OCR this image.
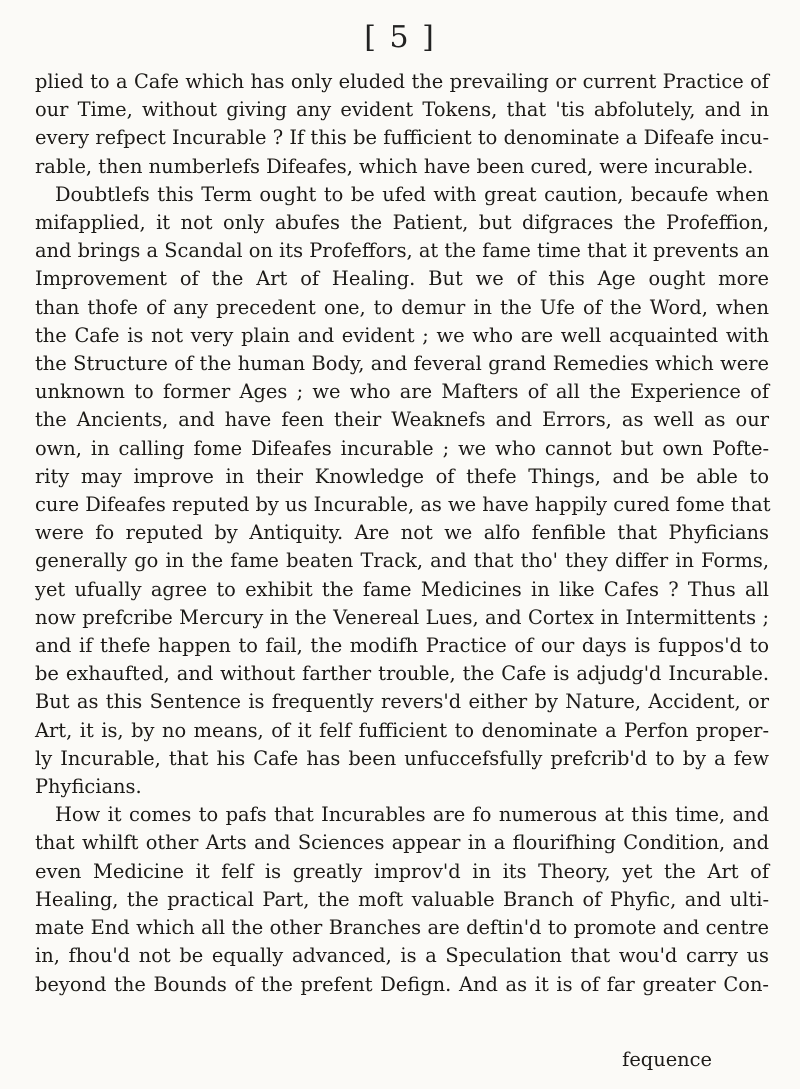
[ 5 ]
plied to a Cafe which has only eluded the prevailing or current Practice of
our Time, without giving any evident Tokens, that 'tis abfolutely, and in
every refpect Incurable ? If this be fufficient to denominate a Difeafe incu-
rable, then numberlefs Difeafes, which have been cured, were incurable.
Doubtlefs this Term ought to be ufed with great caution, becaufe when
mifapplied, it not only abufes the Patient, but difgraces the Profeffion,
and brings a Scandal on its Profeffors, at the fame time that it prevents an
Improvement of the Art of Healing. But we of this Age ought more
than thofe of any precedent one, to demur in the Ufe of the Word, when
the Cafe is not very plain and evident ; we who are well acquainted with
the Structure of the human Body, and feveral grand Remedies which were
unknown to former Ages ; we who are Mafters of all the Experience of
the Ancients, and have feen their Weaknefs and Errors, as well as our
own, in calling fome Difeafes incurable ; we who cannot but own Pofte-
rity may improve in their Knowledge of thefe Things, and be able to
cure Difeafes reputed by us Incurable, as we have happily cured fome that
were fo reputed by Antiquity. Are not we alfo fenfible that Phyficians
generally go in the fame beaten Track, and that tho' they differ in Forms,
yet ufually agree to exhibit the fame Medicines in like Cafes ? Thus all
now prefcribe Mercury in the Venereal Lues, and Cortex in Intermittents ;
and if thefe happen to fail, the modifh Practice of our days is fuppos'd to
be exhaufted, and without farther trouble, the Cafe is adjudg'd Incurable.
But as this Sentence is frequently revers'd either by Nature, Accident, or
Art, it is, by no means, of it felf fufficient to denominate a Perfon proper-
ly Incurable, that his Cafe has been unfuccefsfully prefcrib'd to by a few
Phyficians.
How it comes to pafs that Incurables are fo numerous at this time, and
that whilft other Arts and Sciences appear in a flourifhing Condition, and
even Medicine it felf is greatly improv'd in its Theory, yet the Art of
Healing, the practical Part, the moft valuable Branch of Phyfic, and ulti-
mate End which all the other Branches are deftin'd to promote and centre
in, fhou'd not be equally advanced, is a Speculation that wou'd carry us
beyond the Bounds of the prefent Defign. And as it is of far greater Con-
fequence
